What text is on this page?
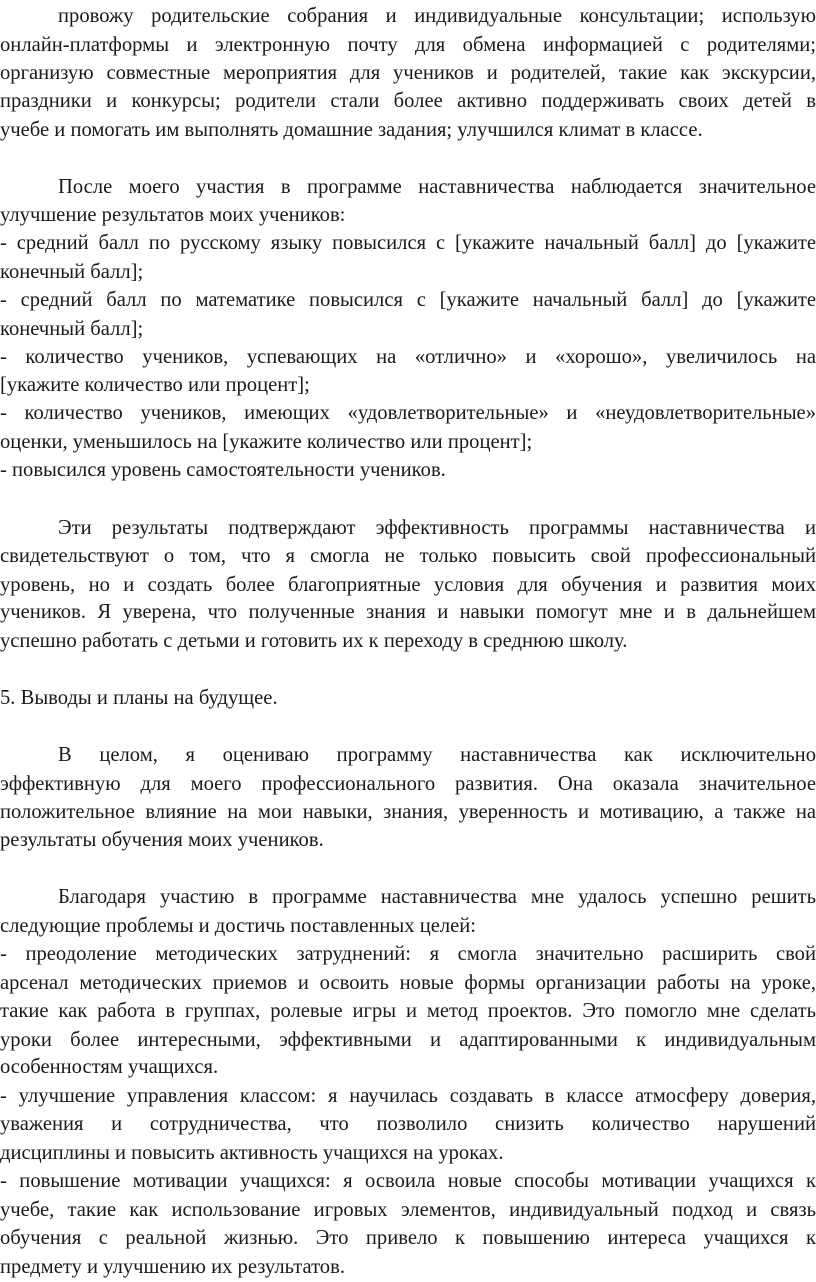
провожу родительские собрания и индивидуальные консультации; использую
онлайн-платформы и электронную почту для обмена информацией с родителями;
организую совместные мероприятия для учеников и родителей, такие как экскурсии,
праздники и конкурсы; родители стали более активно поддерживать своих детей в
учебе и помогать им выполнять домашние задания; улучшился климат в классе.
После моего участия в программе наставничества наблюдается значительное
улучшение результатов моих учеников:
- средний балл по русскому языку повысился с [укажите начальный балл] до [укажите
конечный балл];
- средний балл по математике повысился с [укажите начальный балл] до [укажите
конечный балл];
- количество учеников, успевающих на «отлично» и «хорошо», увеличилось на
[укажите количество или процент];
- количество учеников, имеющих «удовлетворительные» и «неудовлетворительные»
оценки, уменьшилось на [укажите количество или процент];
- повысился уровень самостоятельности учеников.
Эти результаты подтверждают эффективность программы наставничества и
свидетельствуют о том, что я смогла не только повысить свой профессиональный
уровень, но и создать более благоприятные условия для обучения и развития моих
учеников. Я уверена, что полученные знания и навыки помогут мне и в дальнейшем
успешно работать с детьми и готовить их к переходу в среднюю школу.
5. Выводы и планы на будущее.
В целом, я оцениваю программу наставничества как исключительно
эффективную для моего профессионального развития. Она оказала значительное
положительное влияние на мои навыки, знания, уверенность и мотивацию, а также на
результаты обучения моих учеников.
Благодаря участию в программе наставничества мне удалось успешно решить
следующие проблемы и достичь поставленных целей:
- преодоление методических затруднений: я смогла значительно расширить свой
арсенал методических приемов и освоить новые формы организации работы на уроке,
такие как работа в группах, ролевые игры и метод проектов. Это помогло мне сделать
уроки более интересными, эффективными и адаптированными к индивидуальным
особенностям учащихся.
- улучшение управления классом: я научилась создавать в классе атмосферу доверия,
уважения и сотрудничества, что позволило снизить количество нарушений
дисциплины и повысить активность учащихся на уроках.
- повышение мотивации учащихся: я освоила новые способы мотивации учащихся к
учебе, такие как использование игровых элементов, индивидуальный подход и связь
обучения с реальной жизнью. Это привело к повышению интереса учащихся к
предмету и улучшению их результатов.
